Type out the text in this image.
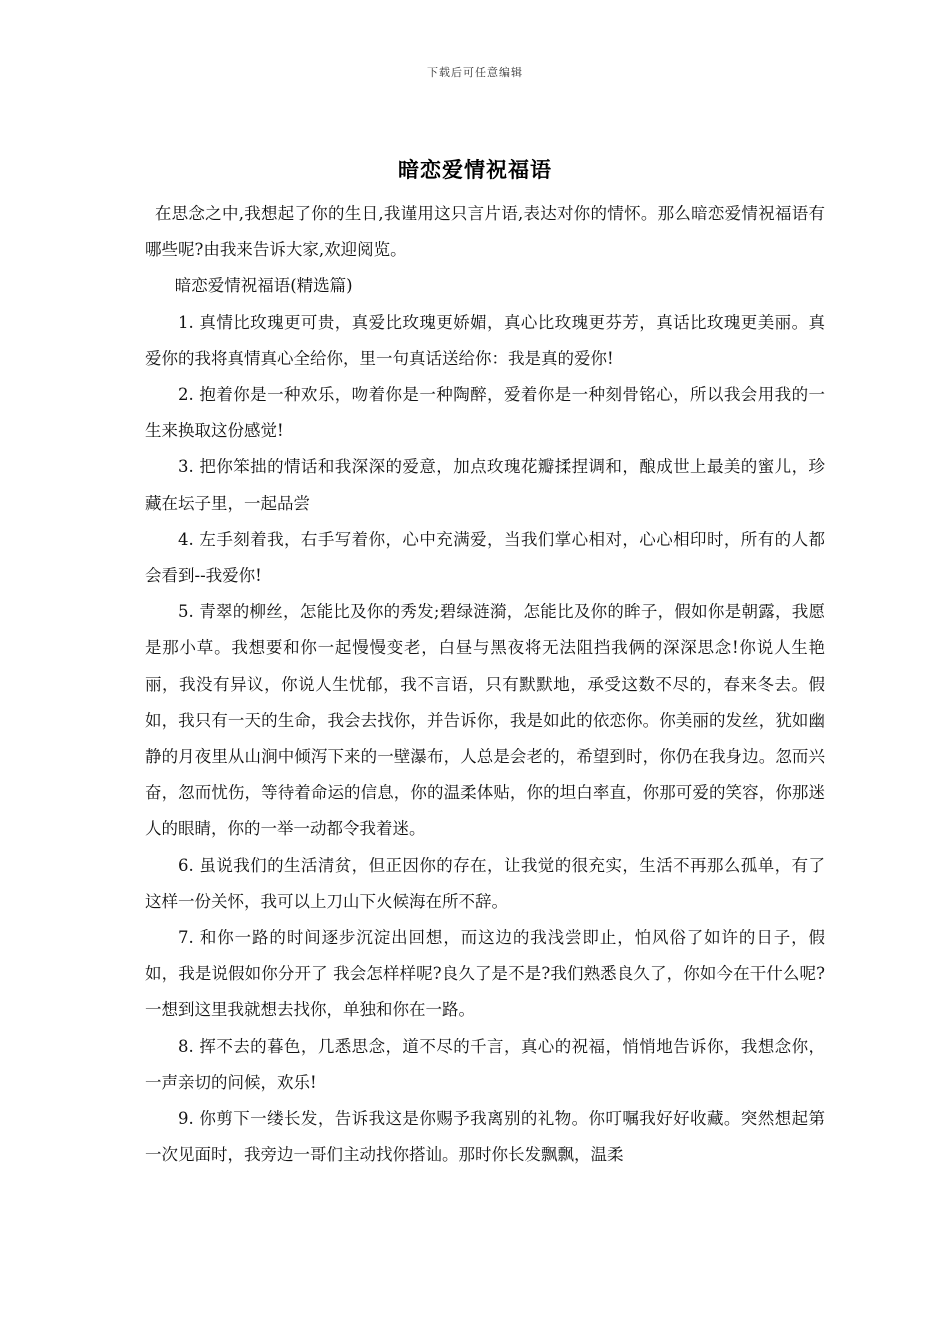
下载后可任意编辑
暗恋爱情祝福语

在思念之中,我想起了你的生日,我谨用这只言片语,表达对你的情怀。那么暗恋爱情祝福语有哪些呢?由我来告诉大家,欢迎阅览。

暗恋爱情祝福语(精选篇)

1. 真情比玫瑰更可贵，真爱比玫瑰更娇媚，真心比玫瑰更芬芳，真话比玫瑰更美丽。真爱你的我将真情真心全给你，里一句真话送给你：我是真的爱你!

2. 抱着你是一种欢乐，吻着你是一种陶醉，爱着你是一种刻骨铭心，所以我会用我的一生来换取这份感觉!

3. 把你笨拙的情话和我深深的爱意，加点玫瑰花瓣揉捏调和，酿成世上最美的蜜儿，珍藏在坛子里，一起品尝

4. 左手刻着我，右手写着你，心中充满爱，当我们掌心相对，心心相印时，所有的人都会看到--我爱你!

5. 青翠的柳丝，怎能比及你的秀发;碧绿涟漪，怎能比及你的眸子，假如你是朝露，我愿是那小草。我想要和你一起慢慢变老，白昼与黑夜将无法阻挡我俩的深深思念!你说人生艳丽，我没有异议，你说人生忧郁，我不言语，只有默默地，承受这数不尽的，春来冬去。假如，我只有一天的生命，我会去找你，并告诉你，我是如此的依恋你。你美丽的发丝，犹如幽静的月夜里从山涧中倾泻下来的一壁瀑布，人总是会老的，希望到时，你仍在我身边。忽而兴奋，忽而忧伤，等待着命运的信息，你的温柔体贴，你的坦白率直，你那可爱的笑容，你那迷人的眼睛，你的一举一动都令我着迷。

6. 虽说我们的生活清贫，但正因你的存在，让我觉的很充实，生活不再那么孤单，有了这样一份关怀，我可以上刀山下火候海在所不辞。

7. 和你一路的时间逐步沉淀出回想，而这边的我浅尝即止，怕风俗了如许的日子，假如，我是说假如你分开了 我会怎样样呢?良久了是不是?我们熟悉良久了，你如今在干什么呢?一想到这里我就想去找你，单独和你在一路。

8. 挥不去的暮色，几悉思念，道不尽的千言，真心的祝福，悄悄地告诉你，我想念你，一声亲切的问候，欢乐!

9. 你剪下一缕长发，告诉我这是你赐予我离别的礼物。你叮嘱我好好收藏。突然想起第一次见面时，我旁边一哥们主动找你搭讪。那时你长发飘飘，温柔
